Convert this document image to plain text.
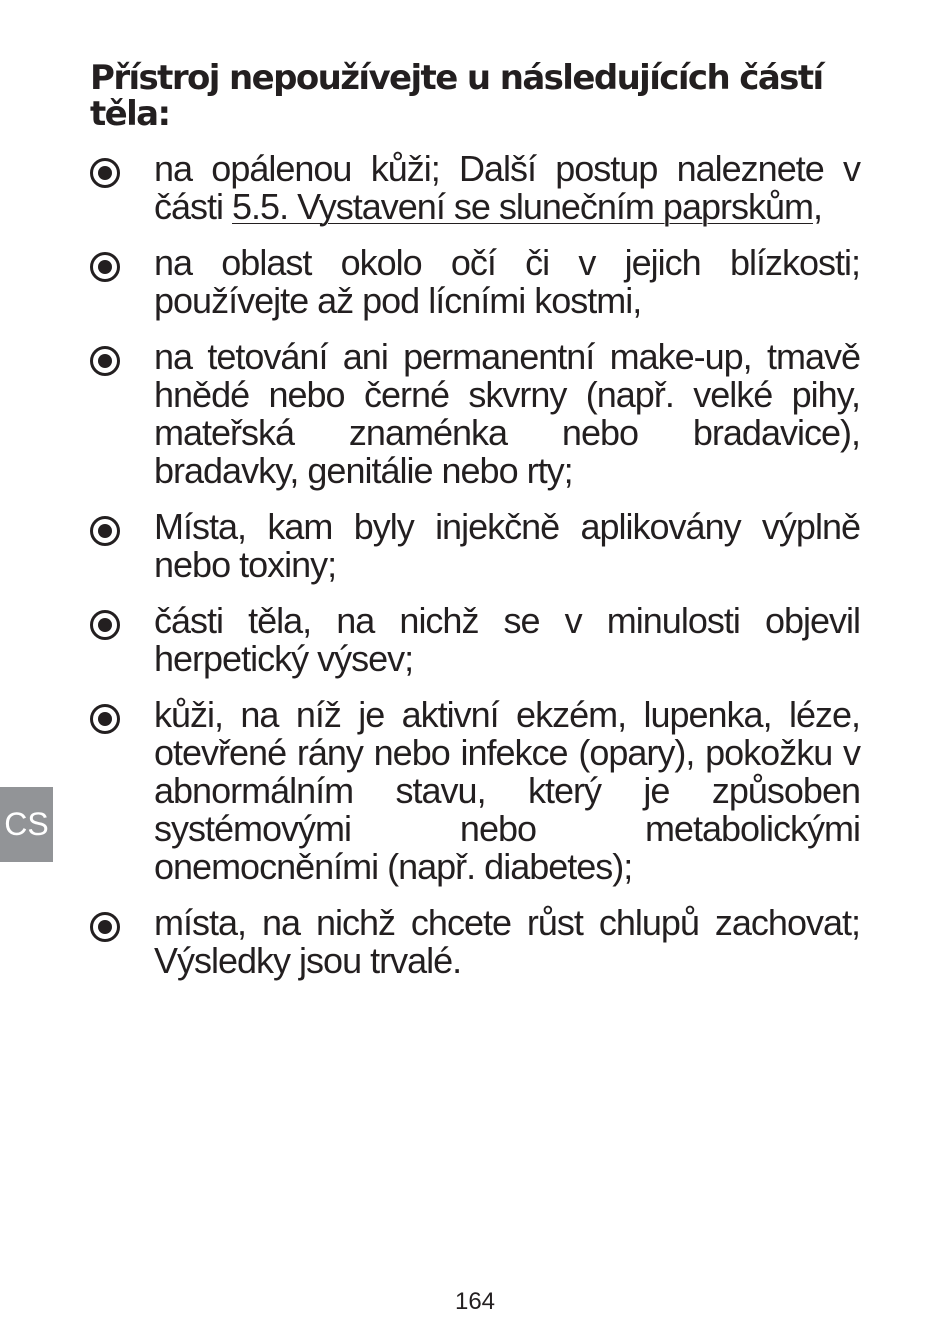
Přístroj nepoužívejte u následujících částí těla:
na opálenou kůži; Další postup naleznete v části 5.5. Vystavení se slunečním paprskům,
na oblast okolo očí či v jejich blízkosti; používejte až pod lícními kostmi,
na tetování ani permanentní make-up, tmavě hnědé nebo černé skvrny (např. velké pihy, mateřská znaménka nebo bradavice), bradavky, genitálie nebo rty;
Místa, kam byly injekčně aplikovány výplně nebo toxiny;
části těla, na nichž se v minulosti objevil herpetický výsev;
kůži, na níž je aktivní ekzém, lupenka, léze, otevřené rány nebo infekce (opary), pokožku v abnormálním stavu, který je způsoben systémovými nebo metabolickými onemocněními (např. diabetes);
místa, na nichž chcete růst chlupů zachovat; Výsledky jsou trvalé.
CS
164
